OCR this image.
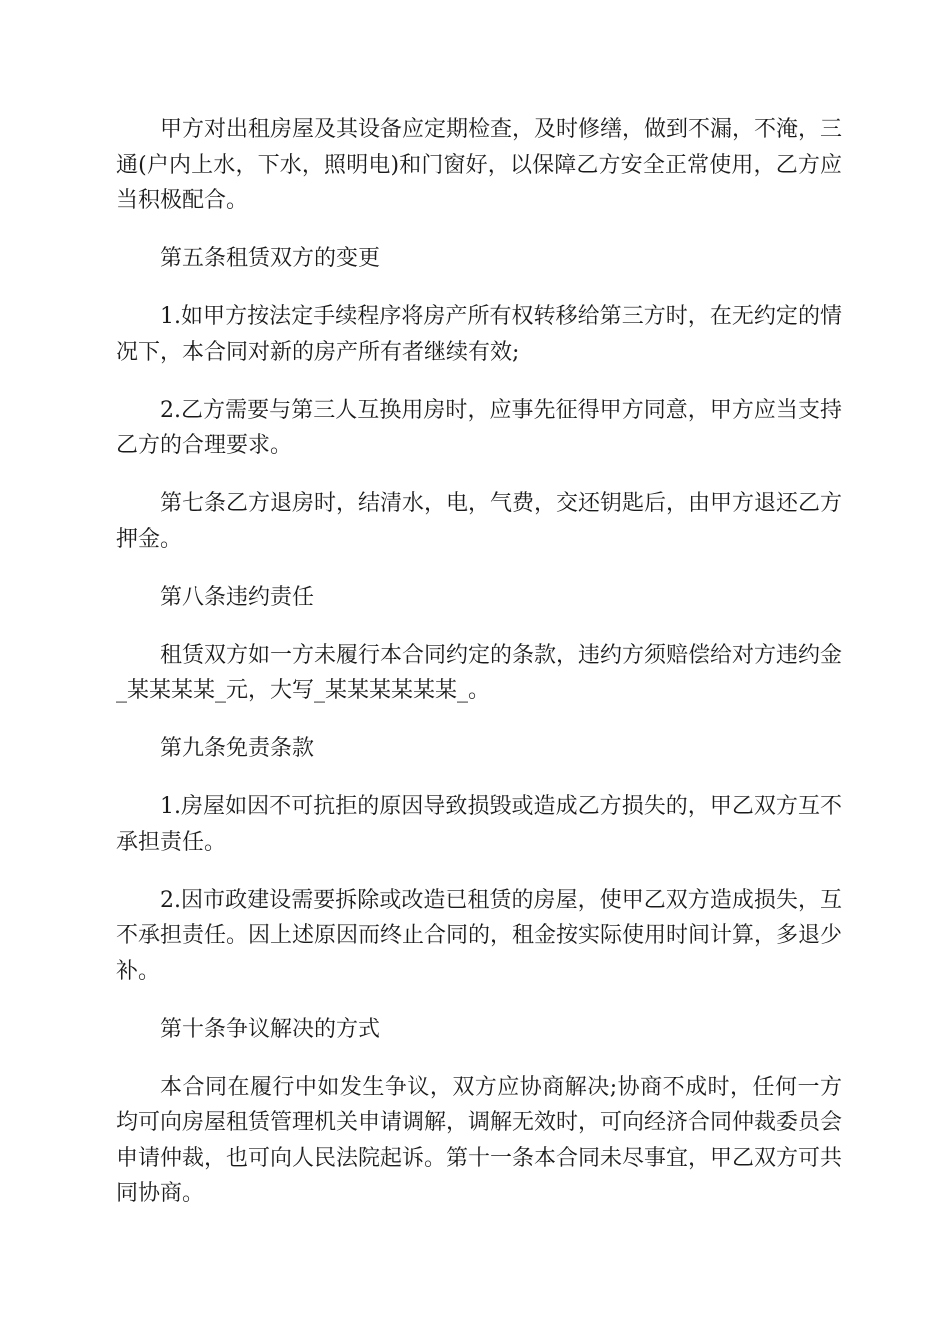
甲方对出租房屋及其设备应定期检查，及时修缮，做到不漏，不淹，三通(户内上水，下水，照明电)和门窗好，以保障乙方安全正常使用，乙方应当积极配合。

第五条租赁双方的变更

1.如甲方按法定手续程序将房产所有权转移给第三方时，在无约定的情况下，本合同对新的房产所有者继续有效;

2.乙方需要与第三人互换用房时，应事先征得甲方同意，甲方应当支持乙方的合理要求。

第七条乙方退房时，结清水，电，气费，交还钥匙后，由甲方退还乙方押金。

第八条违约责任

租赁双方如一方未履行本合同约定的条款，违约方须赔偿给对方违约金_某某某某_元，大写_某某某某某某_。

第九条免责条款

1.房屋如因不可抗拒的原因导致损毁或造成乙方损失的，甲乙双方互不承担责任。

2.因市政建设需要拆除或改造已租赁的房屋，使甲乙双方造成损失，互不承担责任。因上述原因而终止合同的，租金按实际使用时间计算，多退少补。

第十条争议解决的方式

本合同在履行中如发生争议，双方应协商解决;协商不成时，任何一方均可向房屋租赁管理机关申请调解，调解无效时，可向经济合同仲裁委员会申请仲裁，也可向人民法院起诉。第十一条本合同未尽事宜，甲乙双方可共同协商。
